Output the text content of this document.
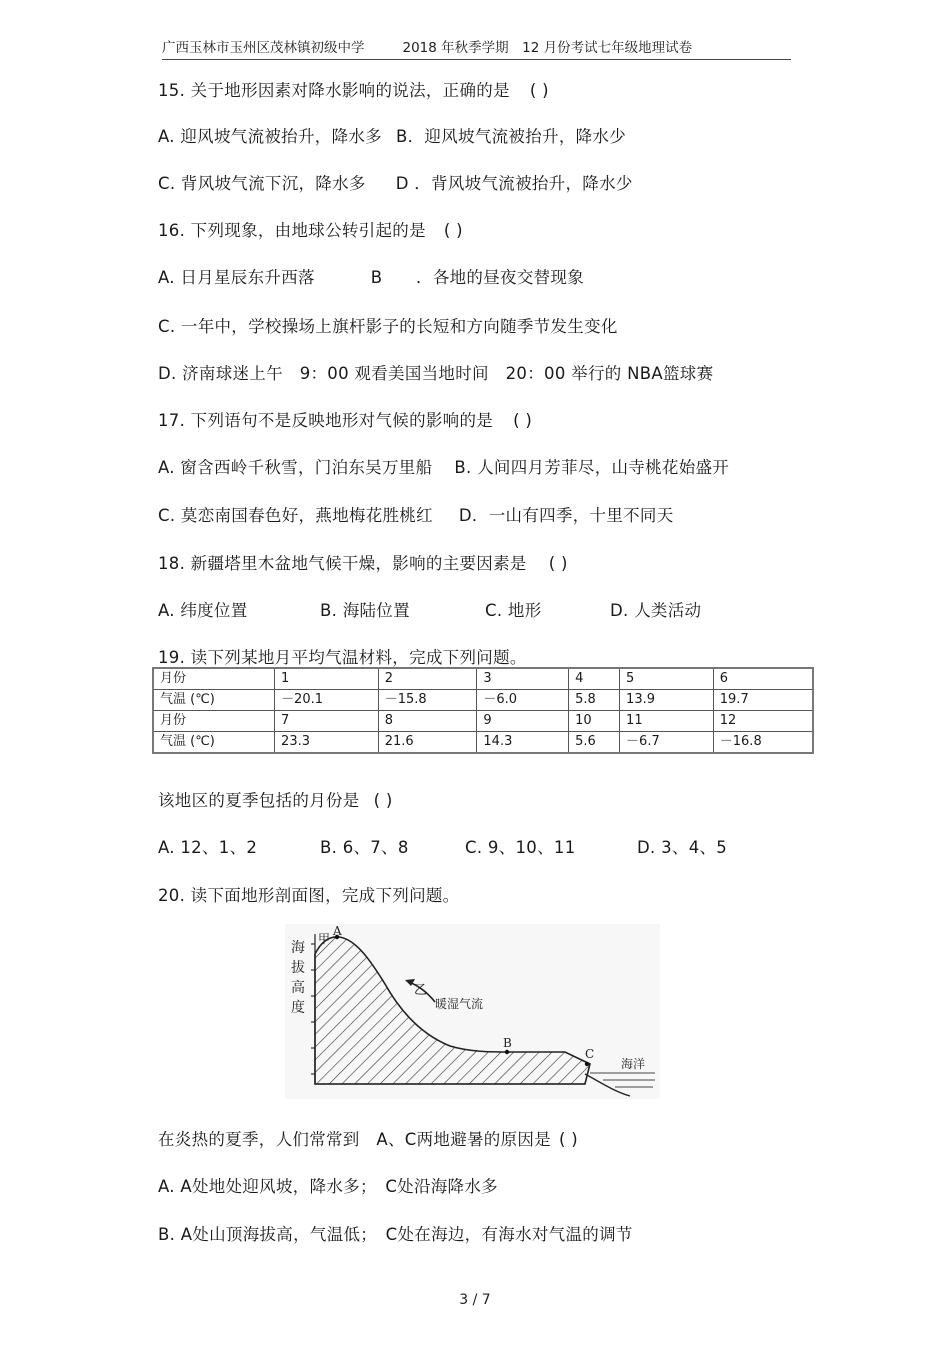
广西玉林市玉州区茂林镇初级中学	2018 年秋季学期　12 月份考试七年级地理试卷
15. 关于地形因素对降水影响的说法，正确的是 ( )
A. 迎风坡气流被抬升，降水多 B．迎风坡气流被抬升，降水少
C. 背风坡气流下沉，降水多 D ．背风坡气流被抬升，降水少
16. 下列现象，由地球公转引起的是 ( )
A. 日月星辰东升西落	B　　．各地的昼夜交替现象
C. 一年中，学校操场上旗杆影子的长短和方向随季节发生变化
D. 济南球迷上午　9：00 观看美国当地时间　20：00 举行的 NBA篮球赛
17. 下列语句不是反映地形对气候的影响的是 ( )
A. 窗含西岭千秋雪，门泊东吴万里船 B. 人间四月芳菲尽，山寺桃花始盛开
C. 莫恋南国春色好，燕地梅花胜桃红 D．一山有四季，十里不同天
18. 新疆塔里木盆地气候干燥，影响的主要因素是 ( )
A. 纬度位置	B. 海陆位置	C. 地形	D. 人类活动
19. 读下列某地月平均气温材料，完成下列问题。
月份	1	2	3	4	5	6
气温 (℃)	－20.1	－15.8	－6.0	5.8	13.9	19.7
月份	7	8	9	10	11	12
气温 (℃)	23.3	21.6	14.3	5.6	－6.7	－16.8
该地区的夏季包括的月份是 ( )
A. 12、1、2	B. 6、7、8	C. 9、10、11	D. 3、4、5
20. 读下面地形剖面图，完成下列问题。
海
拔
高
度
甲
A
乙
暖湿气流
B
C
海洋
在炎热的夏季，人们常常到　A、C两地避暑的原因是 ( )
A. A处地处迎风坡，降水多；　C处沿海降水多
B. A处山顶海拔高，气温低；　C处在海边，有海水对气温的调节
3 / 7
